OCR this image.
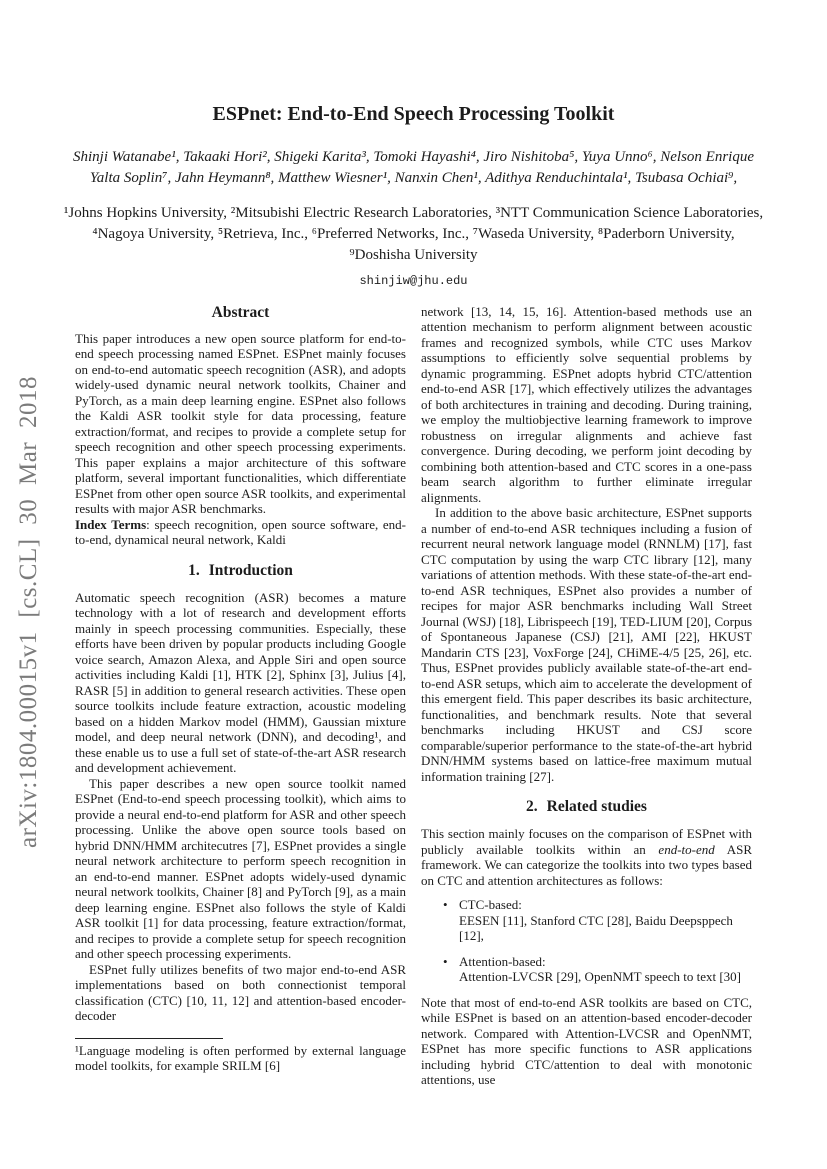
arXiv:1804.00015v1 [cs.CL] 30 Mar 2018
ESPnet: End-to-End Speech Processing Toolkit
Shinji Watanabe¹, Takaaki Hori², Shigeki Karita³, Tomoki Hayashi⁴, Jiro Nishitoba⁵, Yuya Unno⁶, Nelson Enrique Yalta Soplin⁷, Jahn Heymann⁸, Matthew Wiesner¹, Nanxin Chen¹, Adithya Renduchintala¹, Tsubasa Ochiai⁹,
¹Johns Hopkins University, ²Mitsubishi Electric Research Laboratories, ³NTT Communication Science Laboratories, ⁴Nagoya University, ⁵Retrieva, Inc., ⁶Preferred Networks, Inc., ⁷Waseda University, ⁸Paderborn University, ⁹Doshisha University
shinjiw@jhu.edu
Abstract

This paper introduces a new open source platform for end-to-end speech processing named ESPnet. ESPnet mainly focuses on end-to-end automatic speech recognition (ASR), and adopts widely-used dynamic neural network toolkits, Chainer and PyTorch, as a main deep learning engine. ESPnet also follows the Kaldi ASR toolkit style for data processing, feature extraction/format, and recipes to provide a complete setup for speech recognition and other speech processing experiments. This paper explains a major architecture of this software platform, several important functionalities, which differentiate ESPnet from other open source ASR toolkits, and experimental results with major ASR benchmarks.

Index Terms: speech recognition, open source software, end-to-end, dynamical neural network, Kaldi

1. Introduction

Automatic speech recognition (ASR) becomes a mature technology with a lot of research and development efforts mainly in speech processing communities. Especially, these efforts have been driven by popular products including Google voice search, Amazon Alexa, and Apple Siri and open source activities including Kaldi [1], HTK [2], Sphinx [3], Julius [4], RASR [5] in addition to general research activities. These open source toolkits include feature extraction, acoustic modeling based on a hidden Markov model (HMM), Gaussian mixture model, and deep neural network (DNN), and decoding¹, and these enable us to use a full set of state-of-the-art ASR research and development achievement.

This paper describes a new open source toolkit named ESPnet (End-to-end speech processing toolkit), which aims to provide a neural end-to-end platform for ASR and other speech processing. Unlike the above open source tools based on hybrid DNN/HMM architecutres [7], ESPnet provides a single neural network architecture to perform speech recognition in an end-to-end manner. ESPnet adopts widely-used dynamic neural network toolkits, Chainer [8] and PyTorch [9], as a main deep learning engine. ESPnet also follows the style of Kaldi ASR toolkit [1] for data processing, feature extraction/format, and recipes to provide a complete setup for speech recognition and other speech processing experiments.

ESPnet fully utilizes benefits of two major end-to-end ASR implementations based on both connectionist temporal classification (CTC) [10, 11, 12] and attention-based encoder-decoder

¹Language modeling is often performed by external language model toolkits, for example SRILM [6]

network [13, 14, 15, 16]. Attention-based methods use an attention mechanism to perform alignment between acoustic frames and recognized symbols, while CTC uses Markov assumptions to efficiently solve sequential problems by dynamic programming. ESPnet adopts hybrid CTC/attention end-to-end ASR [17], which effectively utilizes the advantages of both architectures in training and decoding. During training, we employ the multiobjective learning framework to improve robustness on irregular alignments and achieve fast convergence. During decoding, we perform joint decoding by combining both attention-based and CTC scores in a one-pass beam search algorithm to further eliminate irregular alignments.

In addition to the above basic architecture, ESPnet supports a number of end-to-end ASR techniques including a fusion of recurrent neural network language model (RNNLM) [17], fast CTC computation by using the warp CTC library [12], many variations of attention methods. With these state-of-the-art end-to-end ASR techniques, ESPnet also provides a number of recipes for major ASR benchmarks including Wall Street Journal (WSJ) [18], Librispeech [19], TED-LIUM [20], Corpus of Spontaneous Japanese (CSJ) [21], AMI [22], HKUST Mandarin CTS [23], VoxForge [24], CHiME-4/5 [25, 26], etc. Thus, ESPnet provides publicly available state-of-the-art end-to-end ASR setups, which aim to accelerate the development of this emergent field. This paper describes its basic architecture, functionalities, and benchmark results. Note that several benchmarks including HKUST and CSJ score comparable/superior performance to the state-of-the-art hybrid DNN/HMM systems based on lattice-free maximum mutual information training [27].

2. Related studies

This section mainly focuses on the comparison of ESPnet with publicly available toolkits within an end-to-end ASR framework. We can categorize the toolkits into two types based on CTC and attention architectures as follows:

• CTC-based:
EESEN [11], Stanford CTC [28], Baidu Deepsppech [12],
• Attention-based:
Attention-LVCSR [29], OpenNMT speech to text [30]

Note that most of end-to-end ASR toolkits are based on CTC, while ESPnet is based on an attention-based encoder-decoder network. Compared with Attention-LVCSR and OpenNMT, ESPnet has more specific functions to ASR applications including hybrid CTC/attention to deal with monotonic attentions, use
